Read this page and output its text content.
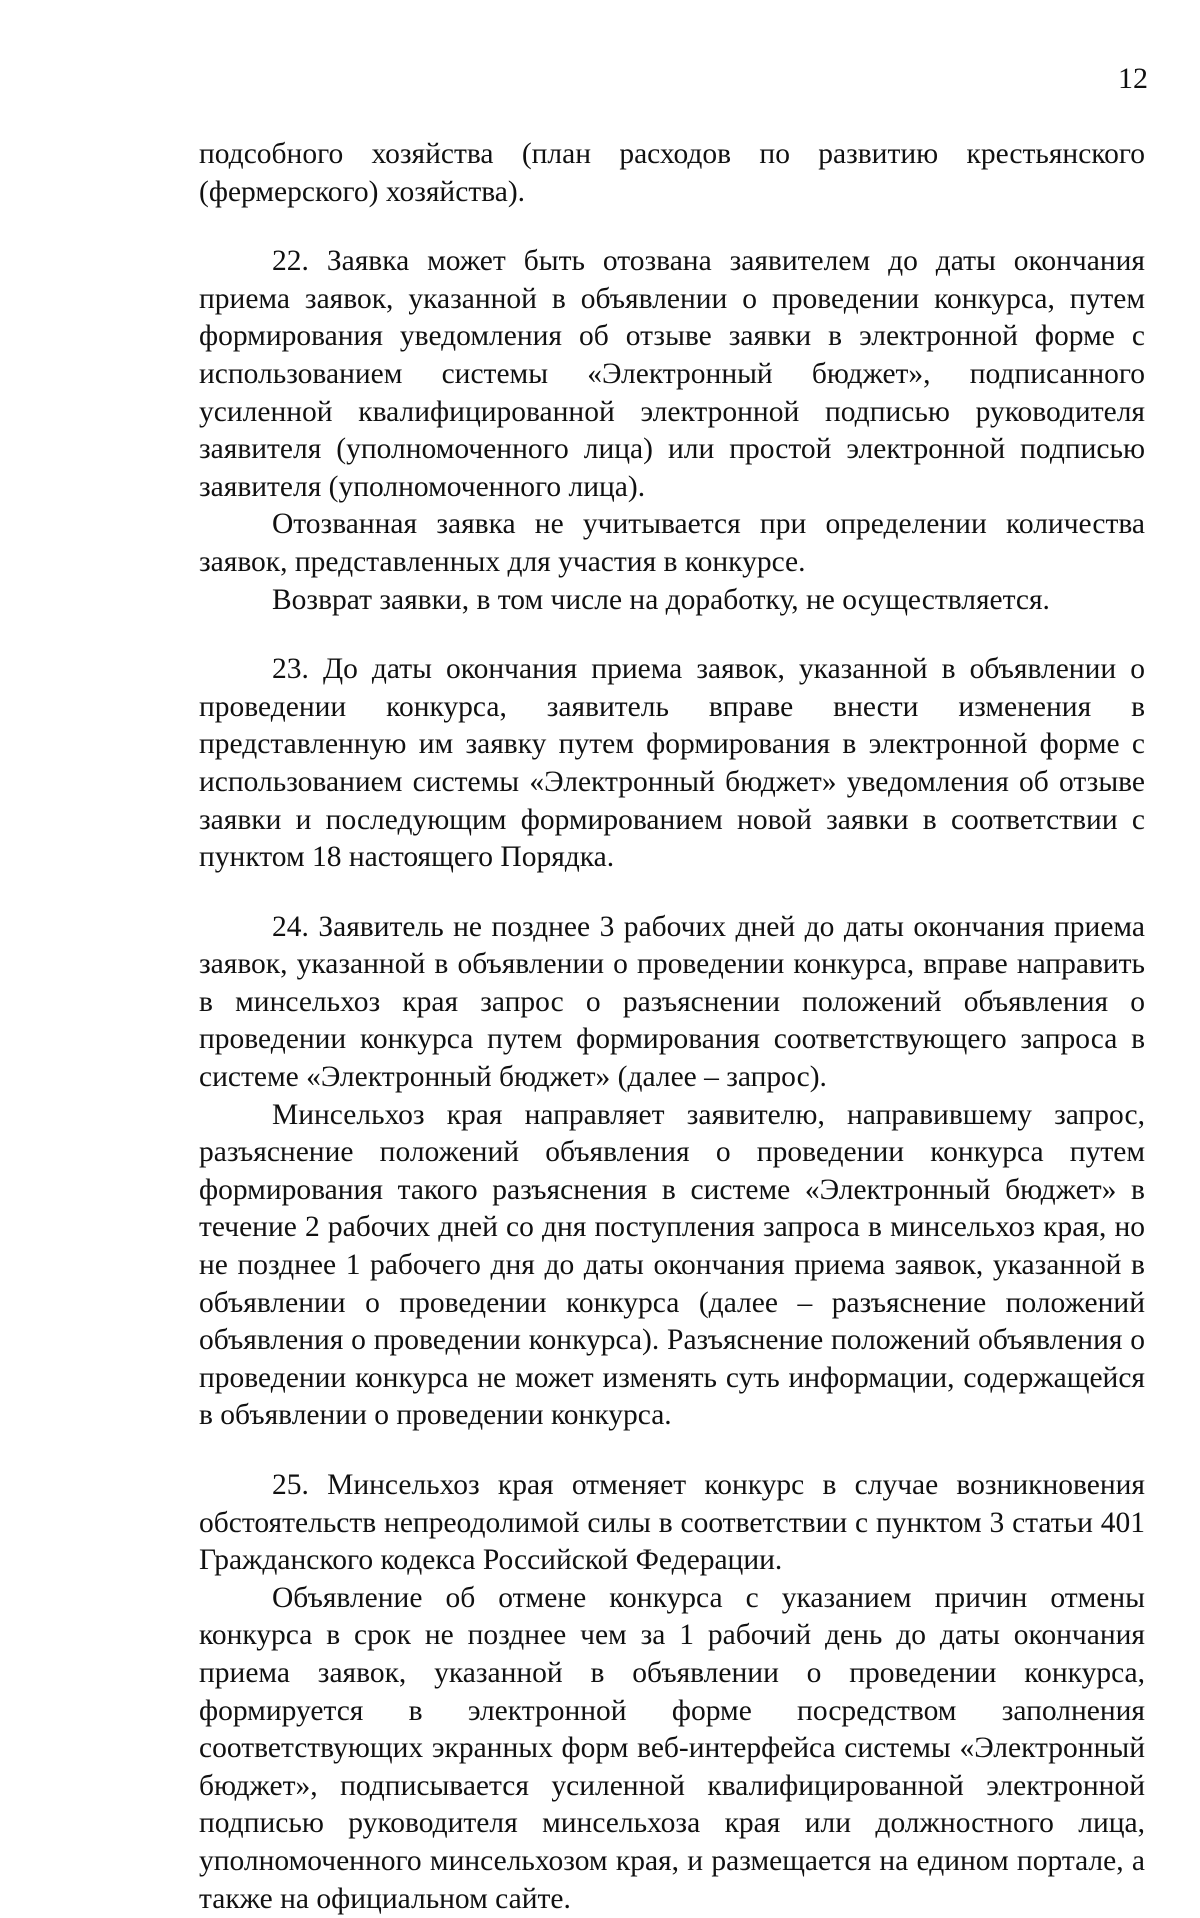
12

подсобного хозяйства (план расходов по развитию крестьянского (фермерского) хозяйства).

22. Заявка может быть отозвана заявителем до даты окончания приема заявок, указанной в объявлении о проведении конкурса, путем формирования уведомления об отзыве заявки в электронной форме с использованием системы «Электронный бюджет», подписанного усиленной квалифицированной электронной подписью руководителя заявителя (уполномоченного лица) или простой электронной подписью заявителя (уполномоченного лица).

Отозванная заявка не учитывается при определении количества заявок, представленных для участия в конкурсе.

Возврат заявки, в том числе на доработку, не осуществляется.

23. До даты окончания приема заявок, указанной в объявлении о проведении конкурса, заявитель вправе внести изменения в представленную им заявку путем формирования в электронной форме с использованием системы «Электронный бюджет» уведомления об отзыве заявки и последующим формированием новой заявки в соответствии с пунктом 18 настоящего Порядка.

24. Заявитель не позднее 3 рабочих дней до даты окончания приема заявок, указанной в объявлении о проведении конкурса, вправе направить в минсельхоз края запрос о разъяснении положений объявления о проведении конкурса путем формирования соответствующего запроса в системе «Электронный бюджет» (далее – запрос).

Минсельхоз края направляет заявителю, направившему запрос, разъяснение положений объявления о проведении конкурса путем формирования такого разъяснения в системе «Электронный бюджет» в течение 2 рабочих дней со дня поступления запроса в минсельхоз края, но не позднее 1 рабочего дня до даты окончания приема заявок, указанной в объявлении о проведении конкурса (далее – разъяснение положений объявления о проведении конкурса). Разъяснение положений объявления о проведении конкурса не может изменять суть информации, содержащейся в объявлении о проведении конкурса.

25. Минсельхоз края отменяет конкурс в случае возникновения обстоятельств непреодолимой силы в соответствии с пунктом 3 статьи 401 Гражданского кодекса Российской Федерации.

Объявление об отмене конкурса с указанием причин отмены конкурса в срок не позднее чем за 1 рабочий день до даты окончания приема заявок, указанной в объявлении о проведении конкурса, формируется в электронной форме посредством заполнения соответствующих экранных форм веб-интерфейса системы «Электронный бюджет», подписывается усиленной квалифицированной электронной подписью руководителя минсельхоза края или должностного лица, уполномоченного минсельхозом края, и размещается на едином портале, а также на официальном сайте.
